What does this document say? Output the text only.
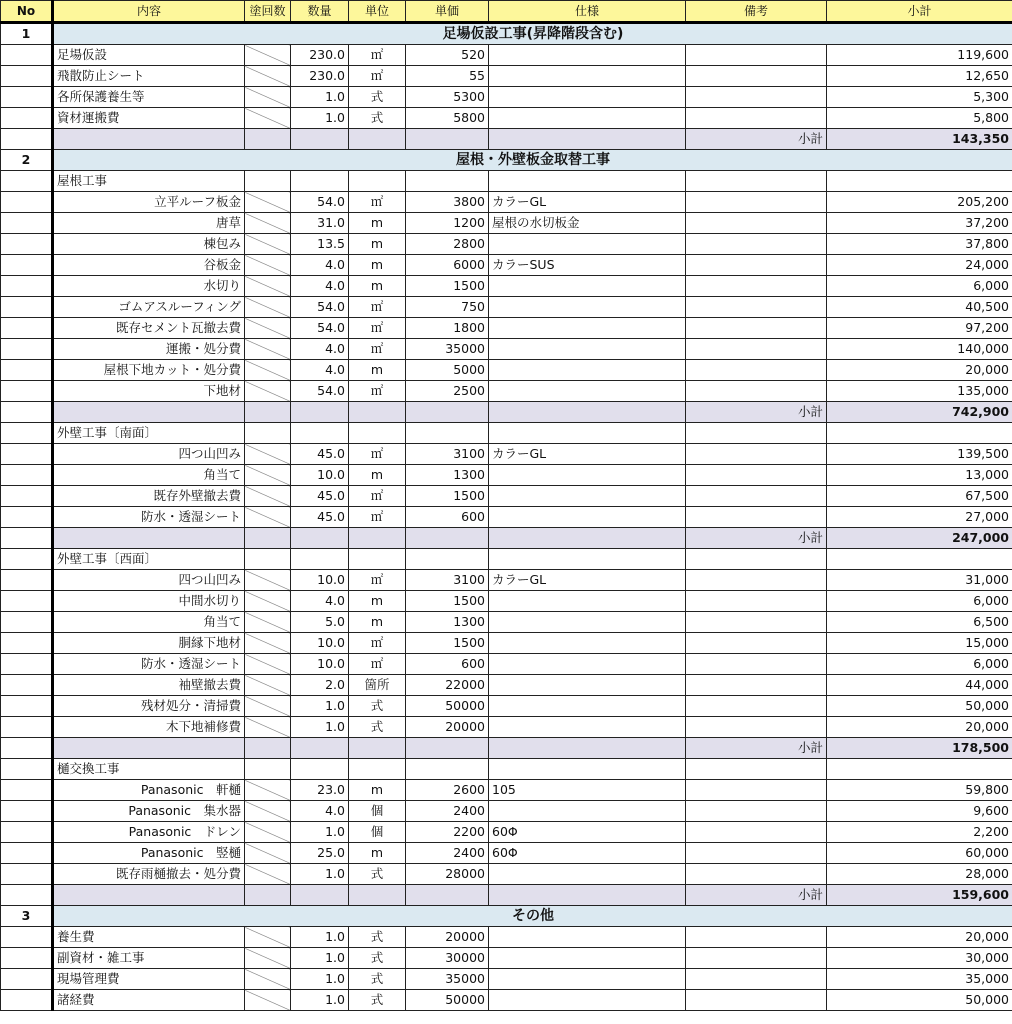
No	内容	塗回数	数量	単位	単価	仕様	備考	小計
1	足場仮設工事(昇降階段含む)							
	足場仮設		230.0	㎡	520			119,600
	飛散防止シート		230.0	㎡	55			12,650
	各所保護養生等		1.0	式	5300			5,300
	資材運搬費		1.0	式	5800			5,800
							小計	143,350
2	屋根・外壁板金取替工事							
	屋根工事							
	立平ルーフ板金		54.0	㎡	3800	カラーGL		205,200
	唐草		31.0	m	1200	屋根の水切板金		37,200
	棟包み		13.5	m	2800			37,800
	谷板金		4.0	m	6000	カラーSUS		24,000
	水切り		4.0	m	1500			6,000
	ゴムアスルーフィング		54.0	㎡	750			40,500
	既存セメント瓦撤去費		54.0	㎡	1800			97,200
	運搬・処分費		4.0	㎡	35000			140,000
	屋根下地カット・処分費		4.0	m	5000			20,000
	下地材		54.0	㎡	2500			135,000
							小計	742,900
	外壁工事〔南面〕							
	四つ山凹み		45.0	㎡	3100	カラーGL		139,500
	角当て		10.0	m	1300			13,000
	既存外壁撤去費		45.0	㎡	1500			67,500
	防水・透湿シート		45.0	㎡	600			27,000
							小計	247,000
	外壁工事〔西面〕							
	四つ山凹み		10.0	㎡	3100	カラーGL		31,000
	中間水切り		4.0	m	1500			6,000
	角当て		5.0	m	1300			6,500
	胴縁下地材		10.0	㎡	1500			15,000
	防水・透湿シート		10.0	㎡	600			6,000
	袖壁撤去費		2.0	箇所	22000			44,000
	残材処分・清掃費		1.0	式	50000			50,000
	木下地補修費		1.0	式	20000			20,000
							小計	178,500
	樋交換工事							
	Panasonic　軒樋		23.0	m	2600	105		59,800
	Panasonic　集水器		4.0	個	2400			9,600
	Panasonic　ドレン		1.0	個	2200	60Φ		2,200
	Panasonic　竪樋		25.0	m	2400	60Φ		60,000
	既存雨樋撤去・処分費		1.0	式	28000			28,000
							小計	159,600
3	その他							
	養生費		1.0	式	20000			20,000
	副資材・雑工事		1.0	式	30000			30,000
	現場管理費		1.0	式	35000			35,000
	諸経費		1.0	式	50000			50,000
